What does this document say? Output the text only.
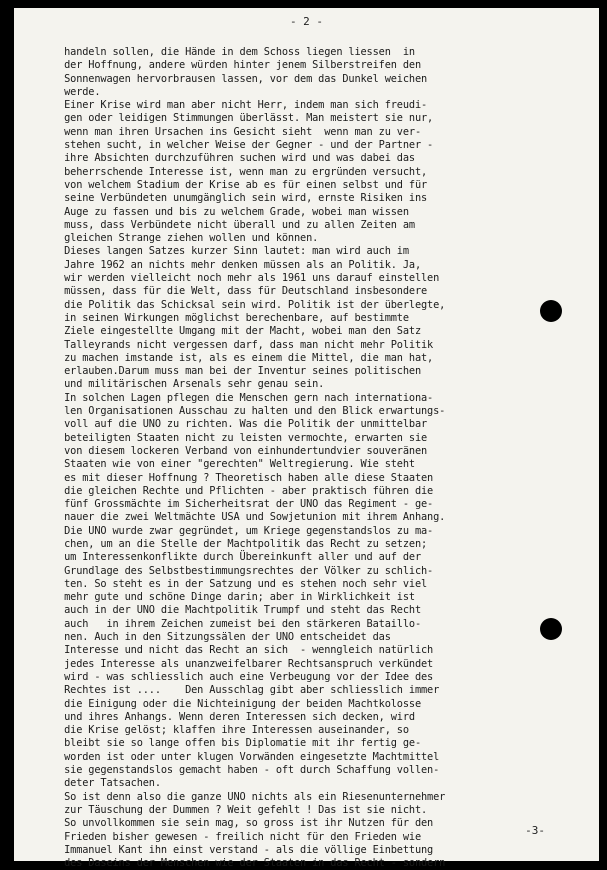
- 2 -
handeln sollen, die Hände in dem Schoss liegen liessen  in
der Hoffnung, andere würden hinter jenem Silberstreifen den
Sonnenwagen hervorbrausen lassen, vor dem das Dunkel weichen
werde.
Einer Krise wird man aber nicht Herr, indem man sich freudi-
gen oder leidigen Stimmungen überlässt. Man meistert sie nur,
wenn man ihren Ursachen ins Gesicht sieht  wenn man zu ver-
stehen sucht, in welcher Weise der Gegner - und der Partner -
ihre Absichten durchzuführen suchen wird und was dabei das
beherrschende Interesse ist, wenn man zu ergründen versucht,
von welchem Stadium der Krise ab es für einen selbst und für
seine Verbündeten unumgänglich sein wird, ernste Risiken ins
Auge zu fassen und bis zu welchem Grade, wobei man wissen
muss, dass Verbündete nicht überall und zu allen Zeiten am
gleichen Strange ziehen wollen und können.
Dieses langen Satzes kurzer Sinn lautet: man wird auch im
Jahre 1962 an nichts mehr denken müssen als an Politik. Ja,
wir werden vielleicht noch mehr als 1961 uns darauf einstellen
müssen, dass für die Welt, dass für Deutschland insbesondere
die Politik das Schicksal sein wird. Politik ist der überlegte,
in seinen Wirkungen möglichst berechenbare, auf bestimmte
Ziele eingestellte Umgang mit der Macht, wobei man den Satz
Talleyrands nicht vergessen darf, dass man nicht mehr Politik
zu machen imstande ist, als es einem die Mittel, die man hat,
erlauben.Darum muss man bei der Inventur seines politischen
und militärischen Arsenals sehr genau sein.
In solchen Lagen pflegen die Menschen gern nach internationa-
len Organisationen Ausschau zu halten und den Blick erwartungs-
voll auf die UNO zu richten. Was die Politik der unmittelbar
beteiligten Staaten nicht zu leisten vermochte, erwarten sie
von diesem lockeren Verband von einhundertundvier souveränen
Staaten wie von einer "gerechten" Weltregierung. Wie steht
es mit dieser Hoffnung ? Theoretisch haben alle diese Staaten
die gleichen Rechte und Pflichten - aber praktisch führen die
fünf Grossmächte im Sicherheitsrat der UNO das Regiment - ge-
nauer die zwei Weltmächte USA und Sowjetunion mit ihrem Anhang.
Die UNO wurde zwar gegründet, um Kriege gegenstandslos zu ma-
chen, um an die Stelle der Machtpolitik das Recht zu setzen;
um Interessenkonflikte durch Übereinkunft aller und auf der
Grundlage des Selbstbestimmungsrechtes der Völker zu schlich-
ten. So steht es in der Satzung und es stehen noch sehr viel
mehr gute und schöne Dinge darin; aber in Wirklichkeit ist
auch in der UNO die Machtpolitik Trumpf und steht das Recht
auch   in ihrem Zeichen zumeist bei den stärkeren Bataillo-
nen. Auch in den Sitzungssälen der UNO entscheidet das
Interesse und nicht das Recht an sich  - wenngleich natürlich
jedes Interesse als unanzweifelbarer Rechtsanspruch verkündet
wird - was schliesslich auch eine Verbeugung vor der Idee des
Rechtes ist ....    Den Ausschlag gibt aber schliesslich immer
die Einigung oder die Nichteinigung der beiden Machtkolosse
und ihres Anhangs. Wenn deren Interessen sich decken, wird
die Krise gelöst; klaffen ihre Interessen auseinander, so
bleibt sie so lange offen bis Diplomatie mit ihr fertig ge-
worden ist oder unter klugen Vorwänden eingesetzte Machtmittel
sie gegenstandslos gemacht haben - oft durch Schaffung vollen-
deter Tatsachen.
So ist denn also die ganze UNO nichts als ein Riesenunternehmer
zur Täuschung der Dummen ? Weit gefehlt ! Das ist sie nicht.
So unvollkommen sie sein mag, so gross ist ihr Nutzen für den
Frieden bisher gewesen - freilich nicht für den Frieden wie
Immanuel Kant ihn einst verstand - als die völlige Einbettung
des Daseins der Menschen wie der Staaten in das Recht - sondern
-3-
